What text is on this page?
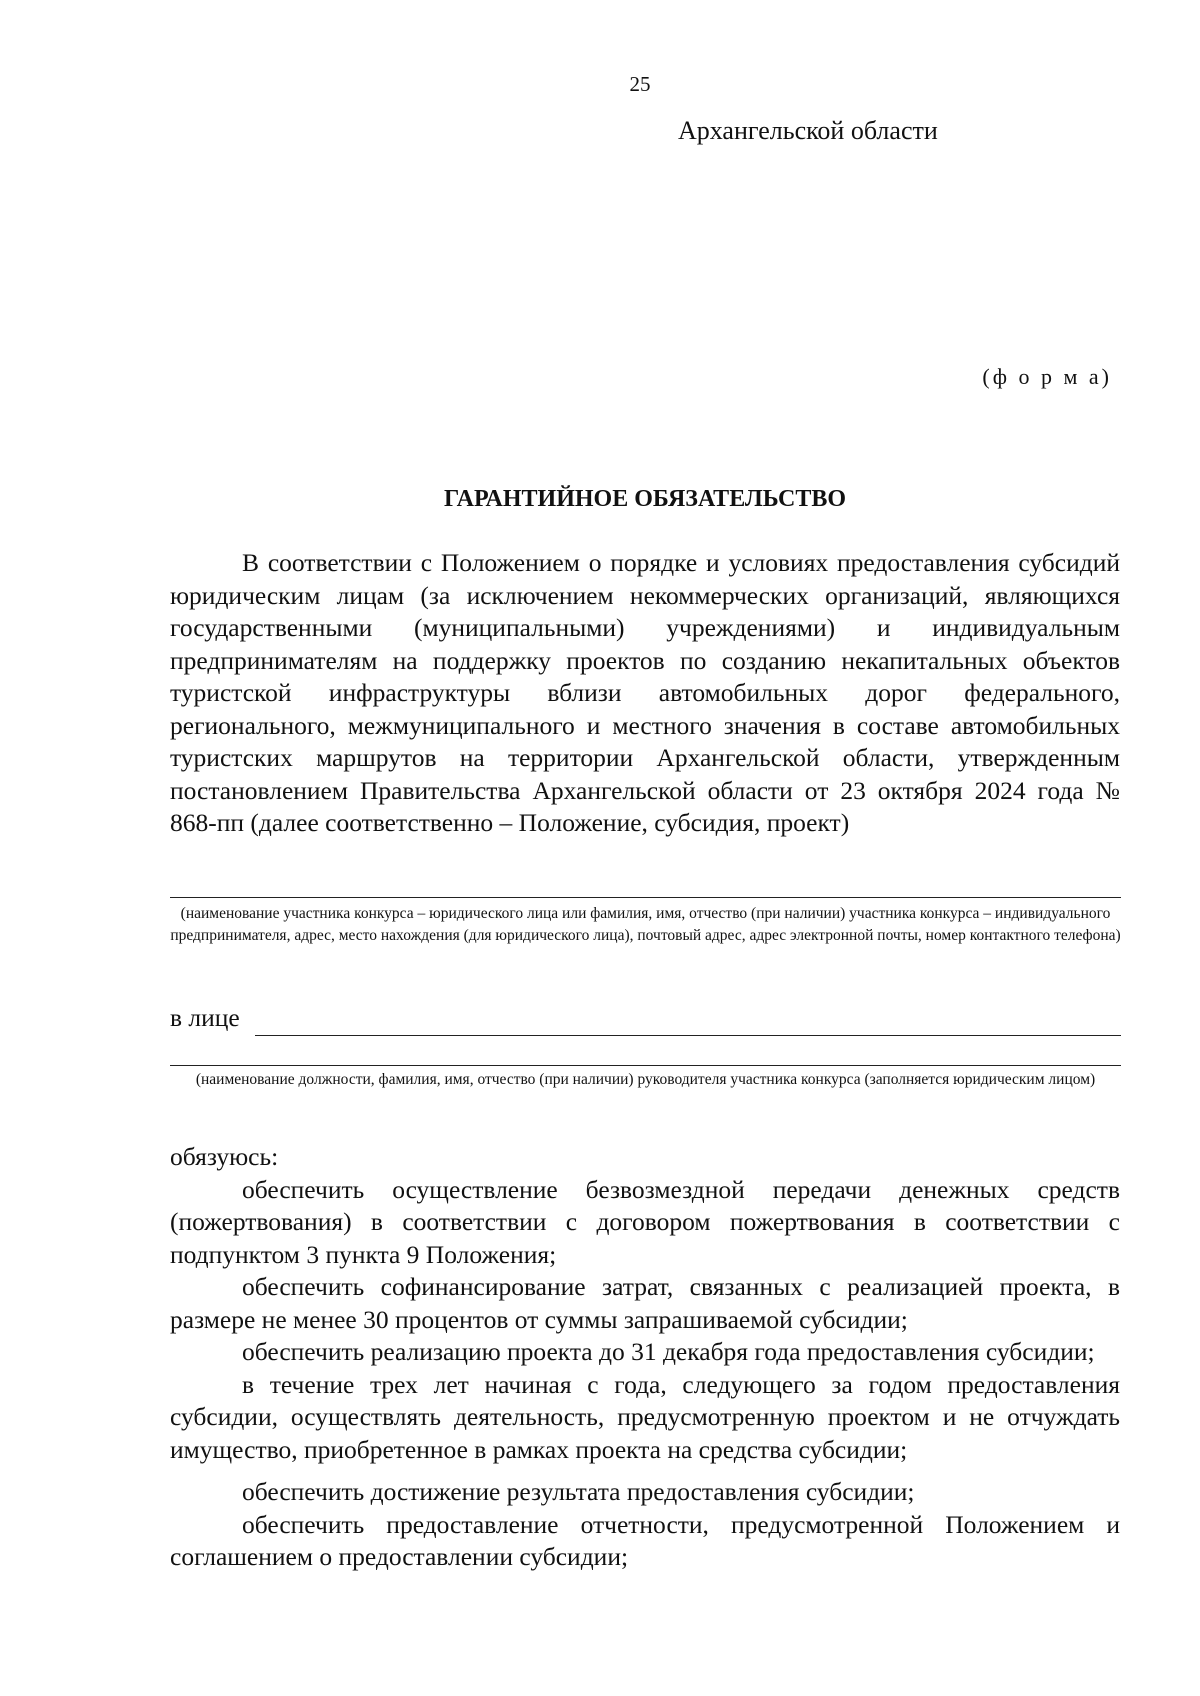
25
Архангельской области
(ф о р м а)
ГАРАНТИЙНОЕ ОБЯЗАТЕЛЬСТВО

В соответствии с Положением о порядке и условиях предоставления субсидий юридическим лицам (за исключением некоммерческих организаций, являющихся государственными (муниципальными) учреждениями) и индивидуальным предпринимателям на поддержку проектов по созданию некапитальных объектов туристской инфраструктуры вблизи автомобильных дорог федерального, регионального, межмуниципального и местного значения в составе автомобильных туристских маршрутов на территории Архангельской области, утвержденным постановлением Правительства Архангельской области от 23 октября 2024 года № 868-пп (далее соответственно – Положение, субсидия, проект)

(наименование участника конкурса – юридического лица или фамилия, имя, отчество (при наличии) участника конкурса – индивидуального предпринимателя, адрес, место нахождения (для юридического лица), почтовый адрес, адрес электронной почты, номер контактного телефона)
в лице
(наименование должности, фамилия, имя, отчество (при наличии) руководителя участника конкурса (заполняется юридическим лицом)

обязуюсь:

обеспечить осуществление безвозмездной передачи денежных средств (пожертвования) в соответствии с договором пожертвования в соответствии с подпунктом 3 пункта 9 Положения;

обеспечить софинансирование затрат, связанных с реализацией проекта, в размере не менее 30 процентов от суммы запрашиваемой субсидии;

обеспечить реализацию проекта до 31 декабря года предоставления субсидии;

в течение трех лет начиная с года, следующего за годом предоставления субсидии, осуществлять деятельность, предусмотренную проектом и не отчуждать имущество, приобретенное в рамках проекта на средства субсидии;

обеспечить достижение результата предоставления субсидии;

обеспечить предоставление отчетности, предусмотренной Положением и соглашением о предоставлении субсидии;
